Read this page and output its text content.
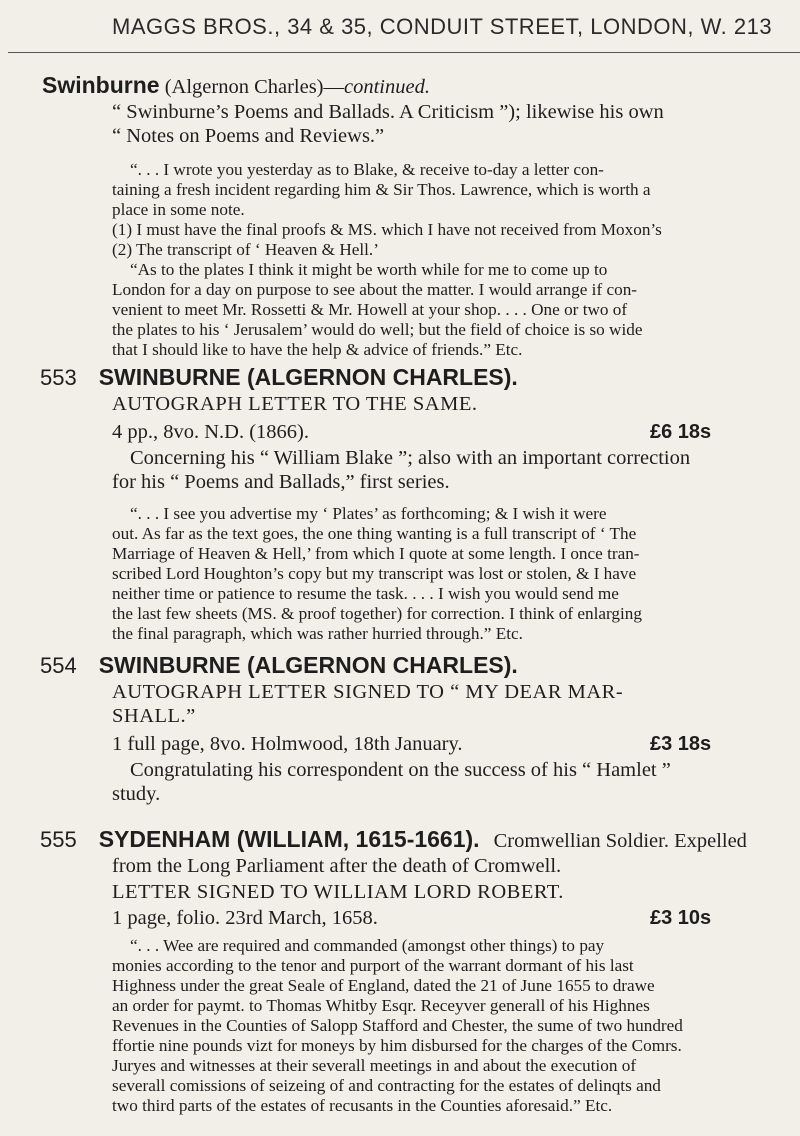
MAGGS BROS., 34 & 35, CONDUIT STREET, LONDON, W. 213
Swinburne (Algernon Charles)—continued.
“ Swinburne’s Poems and Ballads. A Criticism ”); likewise his own
“ Notes on Poems and Reviews.”
“. . . I wrote you yesterday as to Blake, & receive to-day a letter con-
taining a fresh incident regarding him & Sir Thos. Lawrence, which is worth a
place in some note.
(1) I must have the final proofs & MS. which I have not received from Moxon’s
(2) The transcript of ‘ Heaven & Hell.’
“As to the plates I think it might be worth while for me to come up to
London for a day on purpose to see about the matter. I would arrange if con-
venient to meet Mr. Rossetti & Mr. Howell at your shop. . . . One or two of
the plates to his ‘ Jerusalem’ would do well; but the field of choice is so wide
that I should like to have the help & advice of friends.” Etc.
553 SWINBURNE (ALGERNON CHARLES).
AUTOGRAPH LETTER TO THE SAME.
4 pp., 8vo. N.D. (1866).	£6 18s
Concerning his “ William Blake ”; also with an important correction
for his “ Poems and Ballads,” first series.
“. . . I see you advertise my ‘ Plates’ as forthcoming; & I wish it were
out. As far as the text goes, the one thing wanting is a full transcript of ‘ The
Marriage of Heaven & Hell,’ from which I quote at some length. I once tran-
scribed Lord Houghton’s copy but my transcript was lost or stolen, & I have
neither time or patience to resume the task. . . . I wish you would send me
the last few sheets (MS. & proof together) for correction. I think of enlarging
the final paragraph, which was rather hurried through.” Etc.
554 SWINBURNE (ALGERNON CHARLES).
AUTOGRAPH LETTER SIGNED TO “ MY DEAR MAR-
SHALL.”
1 full page, 8vo. Holmwood, 18th January.	£3 18s
Congratulating his correspondent on the success of his “ Hamlet ”
study.
555 SYDENHAM (WILLIAM, 1615-1661). Cromwellian Soldier. Expelled
from the Long Parliament after the death of Cromwell.
LETTER SIGNED TO WILLIAM LORD ROBERT.
1 page, folio. 23rd March, 1658.	£3 10s
“. . . Wee are required and commanded (amongst other things) to pay
monies according to the tenor and purport of the warrant dormant of his last
Highness under the great Seale of England, dated the 21 of June 1655 to drawe
an order for paymt. to Thomas Whitby Esqr. Receyver generall of his Highnes
Revenues in the Counties of Salopp Stafford and Chester, the sume of two hundred
ffortie nine pounds vizt for moneys by him disbursed for the charges of the Comrs.
Juryes and witnesses at their severall meetings in and about the execution of
severall comissions of seizeing of and contracting for the estates of delinqts and
two third parts of the estates of recusants in the Counties aforesaid.” Etc.
